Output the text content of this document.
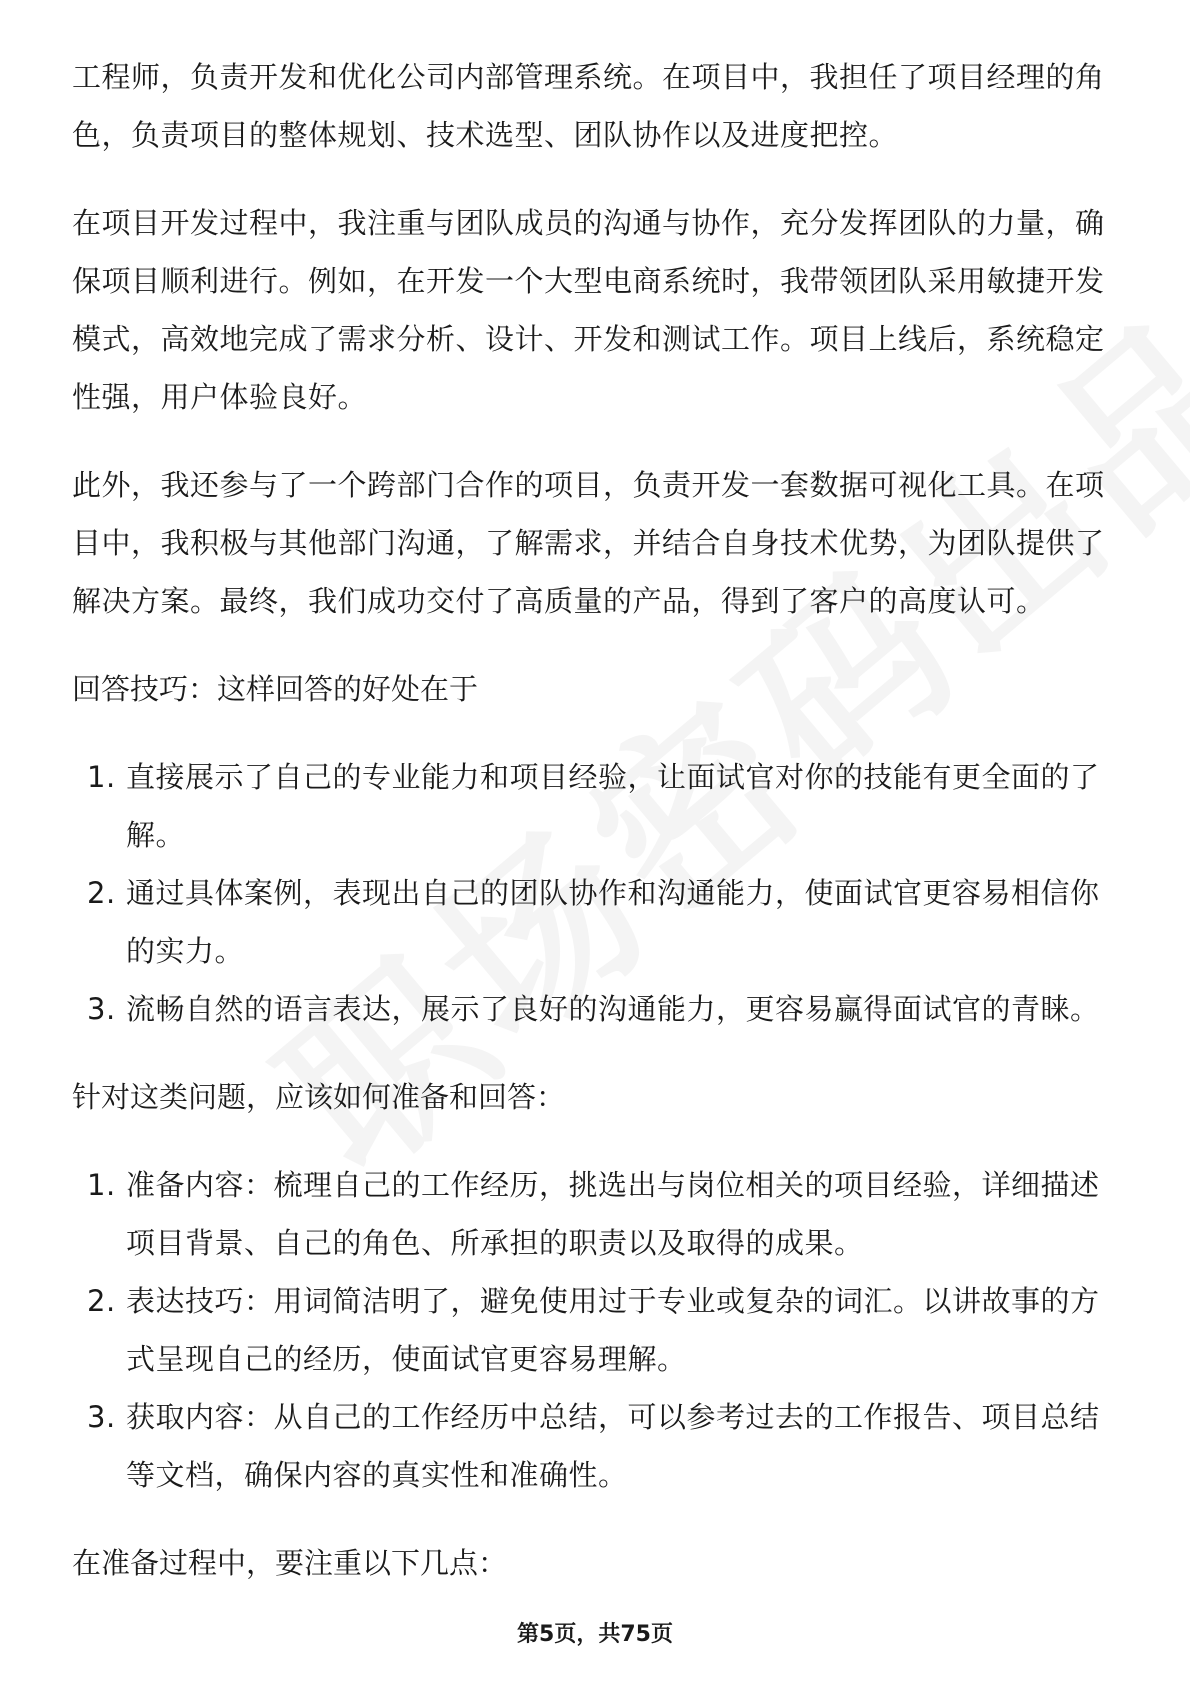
工程师，负责开发和优化公司内部管理系统。在项目中，我担任了项目经理的角色，负责项目的整体规划、技术选型、团队协作以及进度把控。

在项目开发过程中，我注重与团队成员的沟通与协作，充分发挥团队的力量，确保项目顺利进行。例如，在开发一个大型电商系统时，我带领团队采用敏捷开发模式，高效地完成了需求分析、设计、开发和测试工作。项目上线后，系统稳定性强，用户体验良好。

此外，我还参与了一个跨部门合作的项目，负责开发一套数据可视化工具。在项目中，我积极与其他部门沟通，了解需求，并结合自身技术优势，为团队提供了解决方案。最终，我们成功交付了高质量的产品，得到了客户的高度认可。

回答技巧：这样回答的好处在于

1. 直接展示了自己的专业能力和项目经验，让面试官对你的技能有更全面的了解。
2. 通过具体案例，表现出自己的团队协作和沟通能力，使面试官更容易相信你的实力。
3. 流畅自然的语言表达，展示了良好的沟通能力，更容易赢得面试官的青睐。

针对这类问题，应该如何准备和回答：

1. 准备内容：梳理自己的工作经历，挑选出与岗位相关的项目经验，详细描述项目背景、自己的角色、所承担的职责以及取得的成果。
2. 表达技巧：用词简洁明了，避免使用过于专业或复杂的词汇。以讲故事的方式呈现自己的经历，使面试官更容易理解。
3. 获取内容：从自己的工作经历中总结，可以参考过去的工作报告、项目总结等文档，确保内容的真实性和准确性。

在准备过程中，要注重以下几点：

第5页，共75页
